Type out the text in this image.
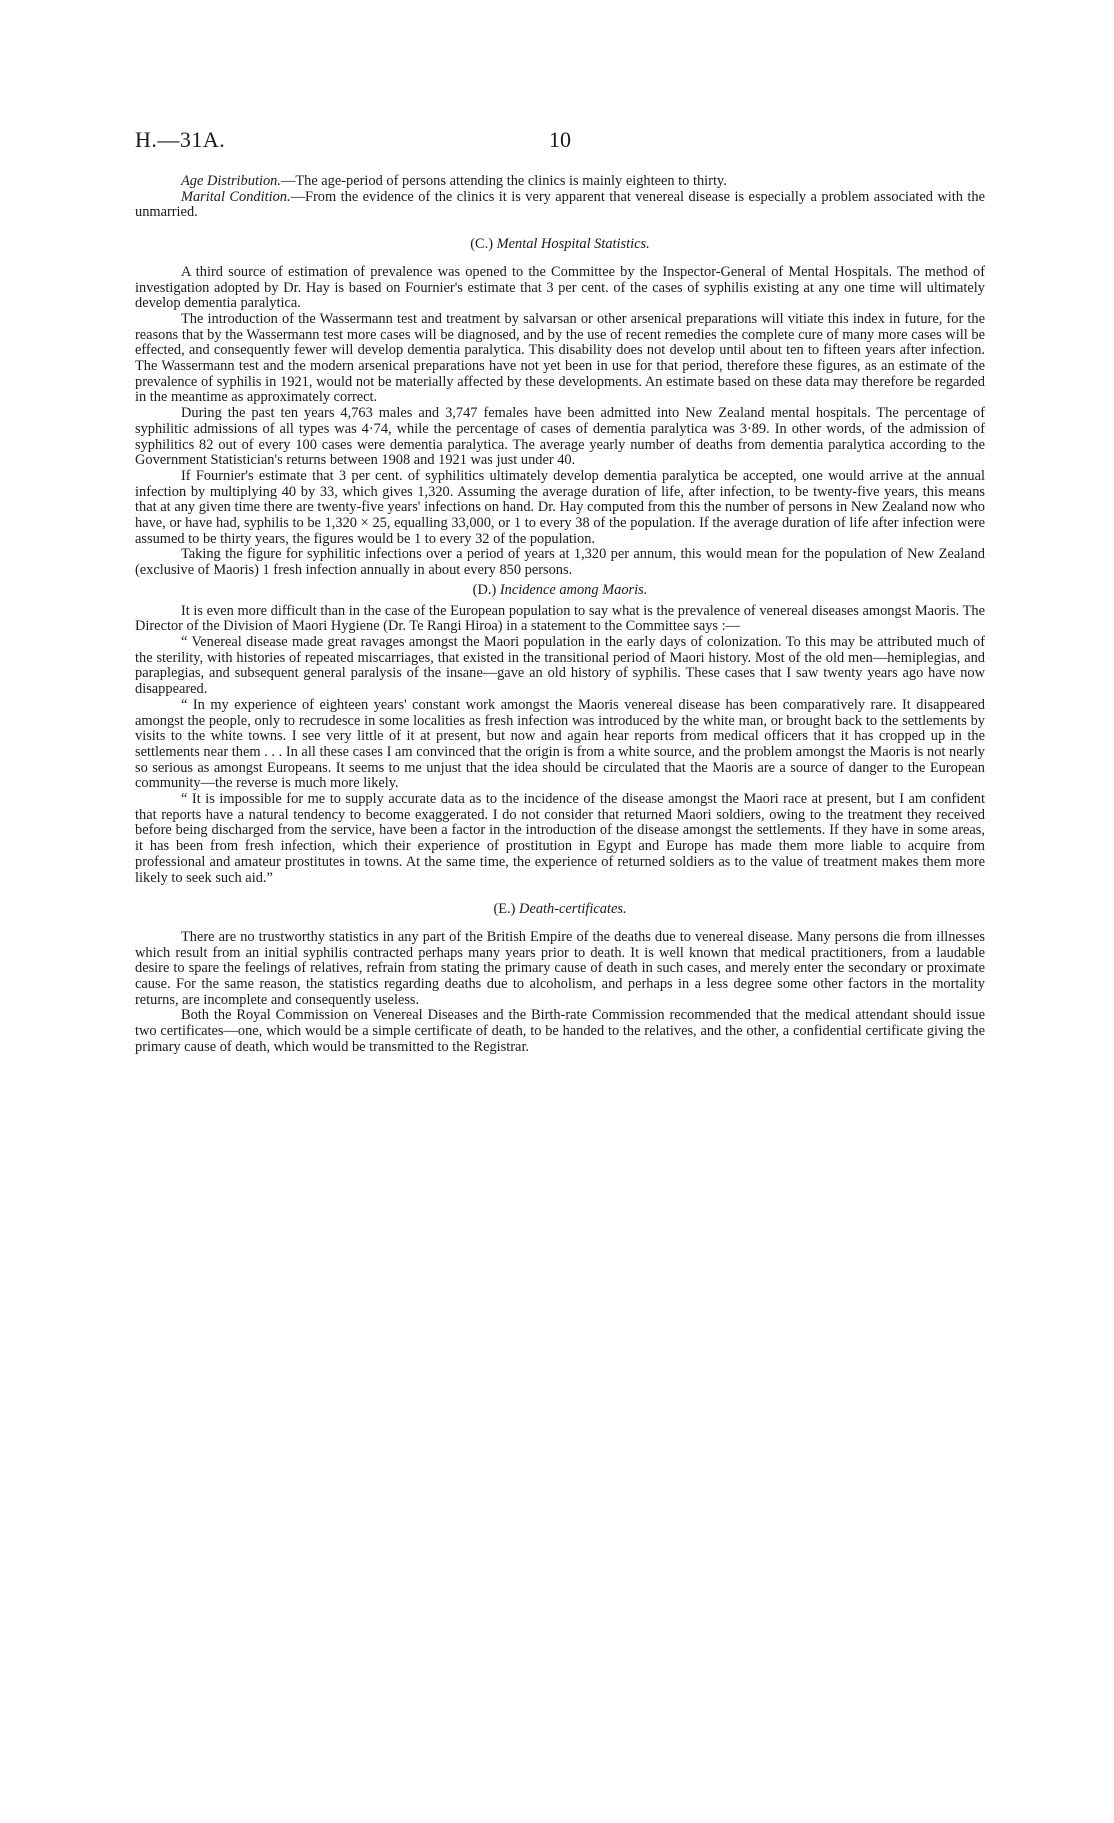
H.—31A.	10

Age Distribution.—The age-period of persons attending the clinics is mainly eighteen to thirty.

Marital Condition.—From the evidence of the clinics it is very apparent that venereal disease is especially a problem associated with the unmarried.

(C.) Mental Hospital Statistics.

A third source of estimation of prevalence was opened to the Committee by the Inspector-General of Mental Hospitals. The method of investigation adopted by Dr. Hay is based on Fournier's estimate that 3 per cent. of the cases of syphilis existing at any one time will ultimately develop dementia paralytica.

The introduction of the Wassermann test and treatment by salvarsan or other arsenical preparations will vitiate this index in future, for the reasons that by the Wassermann test more cases will be diagnosed, and by the use of recent remedies the complete cure of many more cases will be effected, and consequently fewer will develop dementia paralytica. This disability does not develop until about ten to fifteen years after infection. The Wassermann test and the modern arsenical preparations have not yet been in use for that period, therefore these figures, as an estimate of the prevalence of syphilis in 1921, would not be materially affected by these developments. An estimate based on these data may therefore be regarded in the meantime as approximately correct.

During the past ten years 4,763 males and 3,747 females have been admitted into New Zealand mental hospitals. The percentage of syphilitic admissions of all types was 4·74, while the percentage of cases of dementia paralytica was 3·89. In other words, of the admission of syphilitics 82 out of every 100 cases were dementia paralytica. The average yearly number of deaths from dementia paralytica according to the Government Statistician's returns between 1908 and 1921 was just under 40.

If Fournier's estimate that 3 per cent. of syphilitics ultimately develop dementia paralytica be accepted, one would arrive at the annual infection by multiplying 40 by 33, which gives 1,320. Assuming the average duration of life, after infection, to be twenty-five years, this means that at any given time there are twenty-five years' infections on hand. Dr. Hay computed from this the number of persons in New Zealand now who have, or have had, syphilis to be 1,320 × 25, equalling 33,000, or 1 to every 38 of the population. If the average duration of life after infection were assumed to be thirty years, the figures would be 1 to every 32 of the population.

Taking the figure for syphilitic infections over a period of years at 1,320 per annum, this would mean for the population of New Zealand (exclusive of Maoris) 1 fresh infection annually in about every 850 persons.

(D.) Incidence among Maoris.

It is even more difficult than in the case of the European population to say what is the prevalence of venereal diseases amongst Maoris. The Director of the Division of Maori Hygiene (Dr. Te Rangi Hiroa) in a statement to the Committee says :—

“ Venereal disease made great ravages amongst the Maori population in the early days of colonization. To this may be attributed much of the sterility, with histories of repeated miscarriages, that existed in the transitional period of Maori history. Most of the old men—hemiplegias, and paraplegias, and subsequent general paralysis of the insane—gave an old history of syphilis. These cases that I saw twenty years ago have now disappeared.

“ In my experience of eighteen years' constant work amongst the Maoris venereal disease has been comparatively rare. It disappeared amongst the people, only to recrudesce in some localities as fresh infection was introduced by the white man, or brought back to the settlements by visits to the white towns. I see very little of it at present, but now and again hear reports from medical officers that it has cropped up in the settlements near them . . . In all these cases I am convinced that the origin is from a white source, and the problem amongst the Maoris is not nearly so serious as amongst Europeans. It seems to me unjust that the idea should be circulated that the Maoris are a source of danger to the European community—the reverse is much more likely.

“ It is impossible for me to supply accurate data as to the incidence of the disease amongst the Maori race at present, but I am confident that reports have a natural tendency to become exaggerated. I do not consider that returned Maori soldiers, owing to the treatment they received before being discharged from the service, have been a factor in the introduction of the disease amongst the settlements. If they have in some areas, it has been from fresh infection, which their experience of prostitution in Egypt and Europe has made them more liable to acquire from professional and amateur prostitutes in towns. At the same time, the experience of returned soldiers as to the value of treatment makes them more likely to seek such aid.”

(E.) Death-certificates.

There are no trustworthy statistics in any part of the British Empire of the deaths due to venereal disease. Many persons die from illnesses which result from an initial syphilis contracted perhaps many years prior to death. It is well known that medical practitioners, from a laudable desire to spare the feelings of relatives, refrain from stating the primary cause of death in such cases, and merely enter the secondary or proximate cause. For the same reason, the statistics regarding deaths due to alcoholism, and perhaps in a less degree some other factors in the mortality returns, are incomplete and consequently useless.

Both the Royal Commission on Venereal Diseases and the Birth-rate Commission recommended that the medical attendant should issue two certificates—one, which would be a simple certificate of death, to be handed to the relatives, and the other, a confidential certificate giving the primary cause of death, which would be transmitted to the Registrar.
